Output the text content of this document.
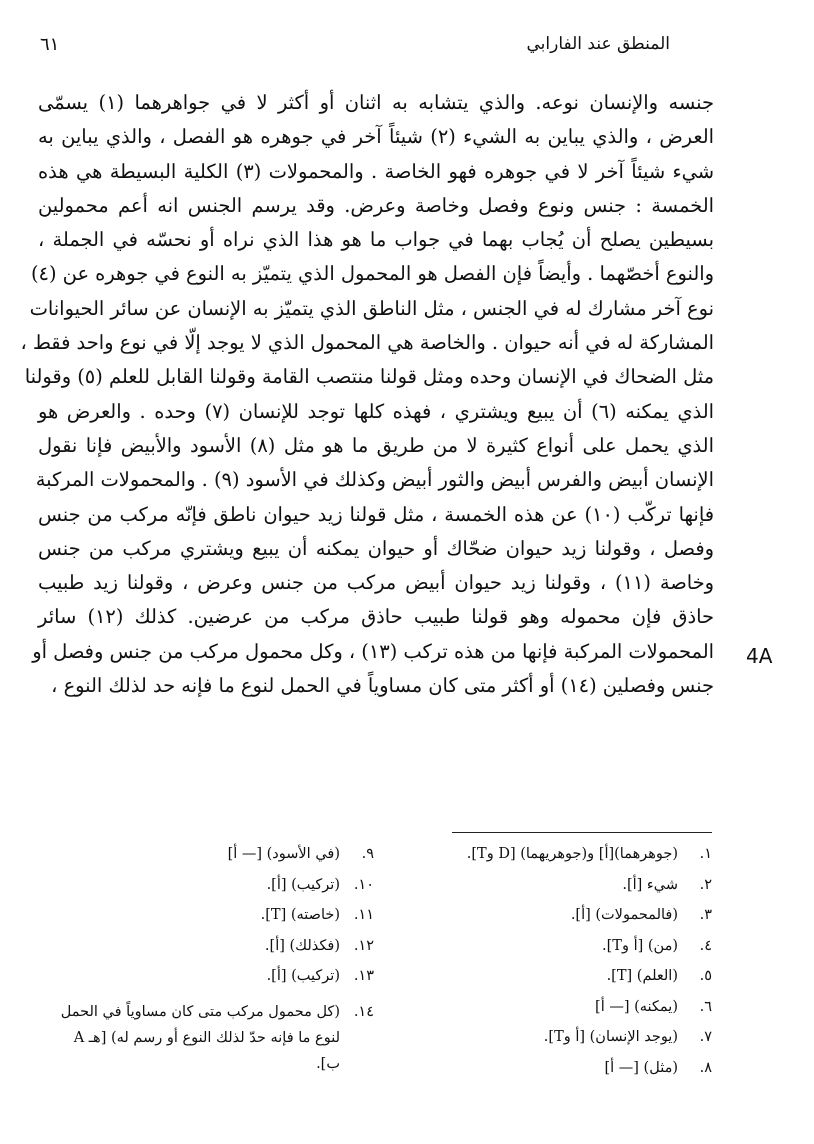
المنطق عند الفارابي
٦١
جنسه والإنسان نوعه. والذي يتشابه به اثنان أو أكثر لا في جواهرهما (١) يسمّى
العرض ، والذي يباين به الشيء (٢) شيئاً آخر في جوهره هو الفصل ، والذي يباين به
شيء شيئاً آخر لا في جوهره فهو الخاصة . والمحمولات (٣) الكلية البسيطة هي هذه
الخمسة : جنس ونوع وفصل وخاصة وعرض. وقد يرسم الجنس انه أعم محمولين
بسيطين يصلح أن يُجاب بهما في جواب ما هو هذا الذي نراه أو نحسّه في الجملة ،
والنوع أخصّهما . وأيضاً فإن الفصل هو المحمول الذي يتميّز به النوع في جوهره عن (٤)
نوع آخر مشارك له في الجنس ، مثل الناطق الذي يتميّز به الإنسان عن سائر الحيوانات
المشاركة له في أنه حيوان . والخاصة هي المحمول الذي لا يوجد إلّا في نوع واحد فقط ،
مثل الضحاك في الإنسان وحده ومثل قولنا منتصب القامة وقولنا القابل للعلم (٥) وقولنا
الذي يمكنه (٦) أن يبيع ويشتري ، فهذه كلها توجد للإنسان (٧) وحده . والعرض هو
الذي يحمل على أنواع كثيرة لا من طريق ما هو مثل (٨) الأسود والأبيض فإنا نقول
الإنسان أبيض والفرس أبيض والثور أبيض وكذلك في الأسود (٩) . والمحمولات المركبة
فإنها تركّب (١٠) عن هذه الخمسة ، مثل قولنا زيد حيوان ناطق فإنّه مركب من جنس
وفصل ، وقولنا زيد حيوان ضحّاك أو حيوان يمكنه أن يبيع ويشتري مركب من جنس
وخاصة (١١) ، وقولنا زيد حيوان أبيض مركب من جنس وعرض ، وقولنا زيد طبيب
حاذق فإن محموله وهو قولنا طبيب حاذق مركب من عرضين. كذلك (١٢) سائر
المحمولات المركبة فإنها من هذه تركب (١٣) ، وكل محمول مركب من جنس وفصل أو
جنس وفصلين (١٤) أو أكثر متى كان مساوياً في الحمل لنوع ما فإنه حد لذلك النوع ،
4A
١.(جوهرهما)[أ] و(جوهريهما) [D وT].
٢.شيء [أ].
٣.(فالمحمولات) [أ].
٤.(من) [أ وT].
٥.(العلم) [T].
٦.(يمكنه) [— أ]
٧.(يوجد الإنسان) [أ وT].
٨.(مثل) [— أ]
٩.(في الأسود) [— أ]
١٠.(تركيب) [أ].
١١.(خاصته) [T].
١٢.(فكذلك) [أ].
١٣.(تركيب) [أ].
١٤.(كل محمول مركب متى كان مساوياً في الحمل
لنوع ما فإنه حدّ لذلك النوع أو رسم له) [هـ A
ب].
